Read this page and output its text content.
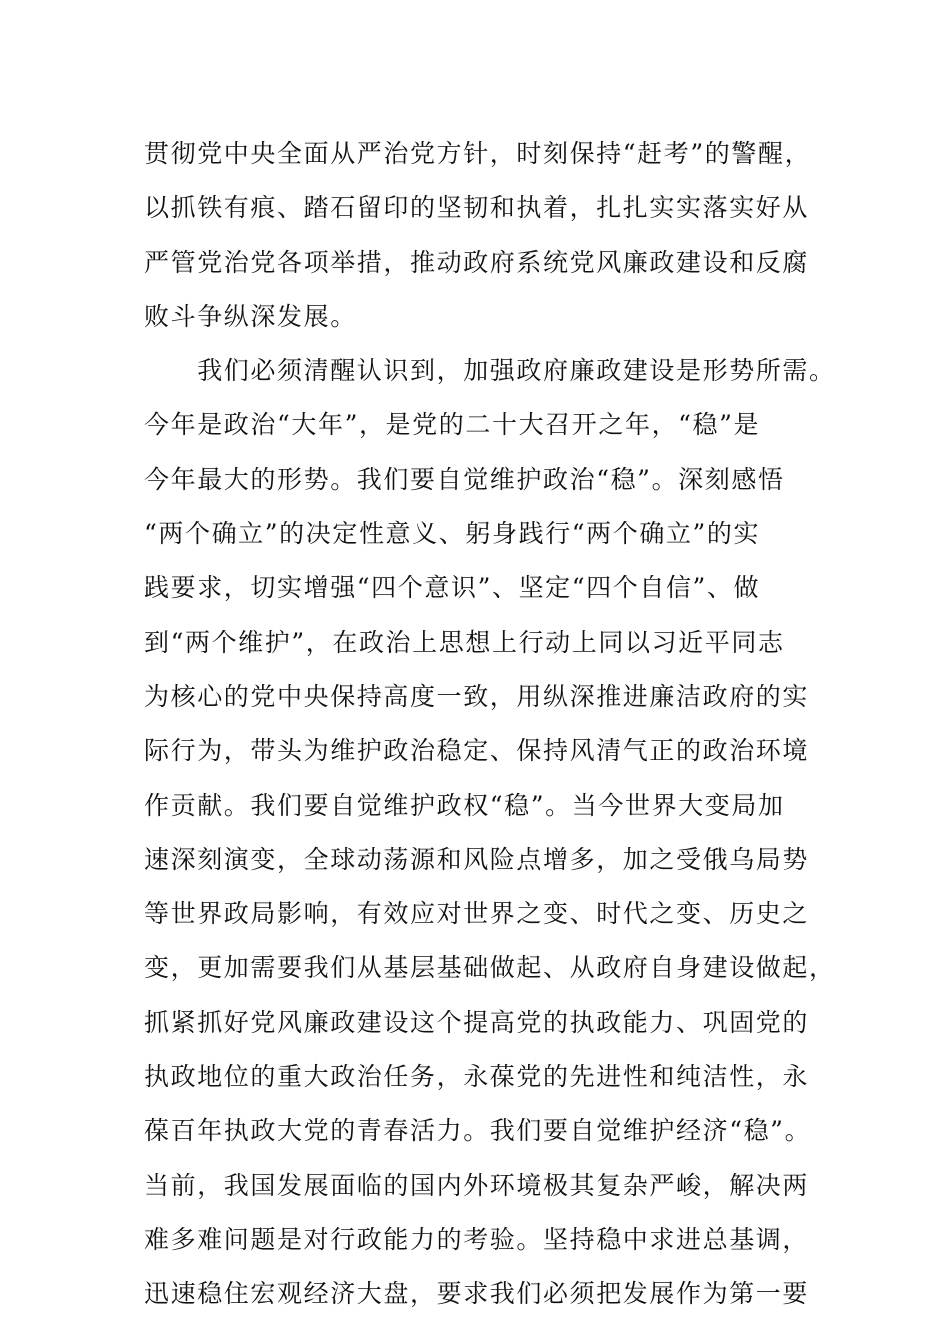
贯彻党中央全面从严治党方针，时刻保持“赶考”的警醒，
以抓铁有痕、踏石留印的坚韧和执着，扎扎实实落实好从
严管党治党各项举措，推动政府系统党风廉政建设和反腐
败斗争纵深发展。
　　我们必须清醒认识到，加强政府廉政建设是形势所需。
今年是政治“大年”，是党的二十大召开之年，“稳”是
今年最大的形势。我们要自觉维护政治“稳”。深刻感悟
“两个确立”的决定性意义、躬身践行“两个确立”的实
践要求，切实增强“四个意识”、坚定“四个自信”、做
到“两个维护”，在政治上思想上行动上同以习近平同志
为核心的党中央保持高度一致，用纵深推进廉洁政府的实
际行为，带头为维护政治稳定、保持风清气正的政治环境
作贡献。我们要自觉维护政权“稳”。当今世界大变局加
速深刻演变，全球动荡源和风险点增多，加之受俄乌局势
等世界政局影响，有效应对世界之变、时代之变、历史之
变，更加需要我们从基层基础做起、从政府自身建设做起，
抓紧抓好党风廉政建设这个提高党的执政能力、巩固党的
执政地位的重大政治任务，永葆党的先进性和纯洁性，永
葆百年执政大党的青春活力。我们要自觉维护经济“稳”。
当前，我国发展面临的国内外环境极其复杂严峻，解决两
难多难问题是对行政能力的考验。坚持稳中求进总基调，
迅速稳住宏观经济大盘，要求我们必须把发展作为第一要
